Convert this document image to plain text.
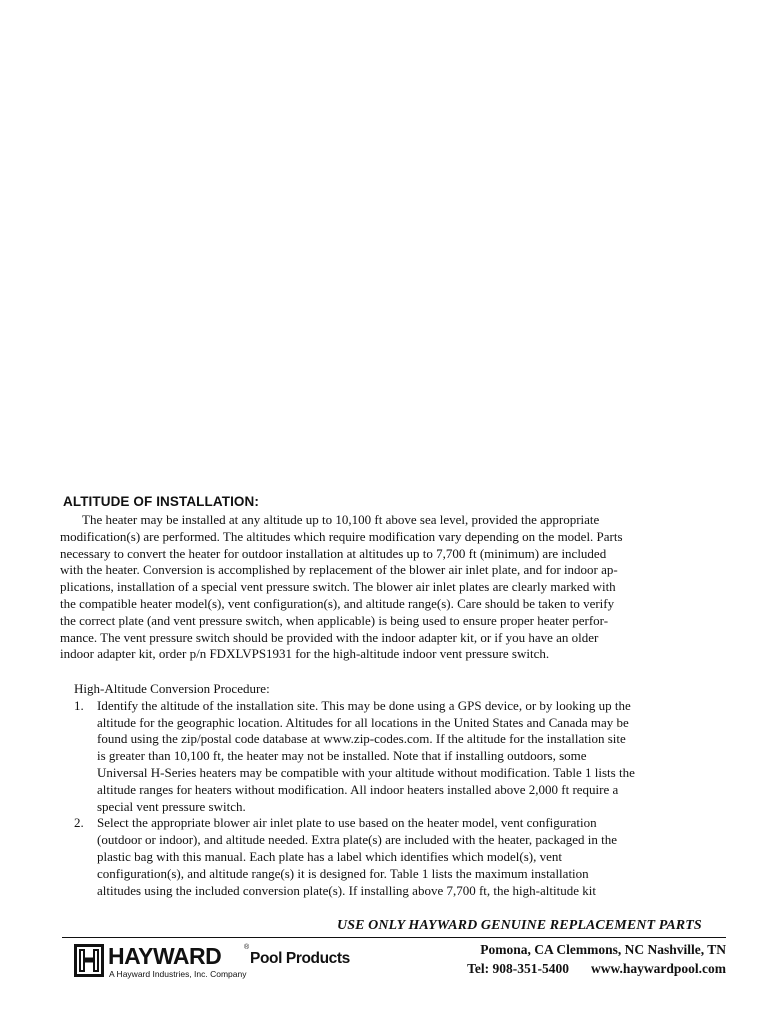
ALTITUDE OF INSTALLATION:
The heater may be installed at any altitude up to 10,100 ft above sea level, provided the appropriate
modification(s) are performed. The altitudes which require modification vary depending on the model. Parts
necessary to convert the heater for outdoor installation at altitudes up to 7,700 ft (minimum) are included
with the heater. Conversion is accomplished by replacement of the blower air inlet plate, and for indoor ap-
plications, installation of a special vent pressure switch. The blower air inlet plates are clearly marked with
the compatible heater model(s), vent configuration(s), and altitude range(s). Care should be taken to verify
the correct plate (and vent pressure switch, when applicable) is being used to ensure proper heater perfor-
mance. The vent pressure switch should be provided with the indoor adapter kit, or if you have an older
indoor adapter kit, order p/n FDXLVPS1931 for the high-altitude indoor vent pressure switch.
High-Altitude Conversion Procedure:
1. Identify the altitude of the installation site. This may be done using a GPS device, or by looking up the
altitude for the geographic location. Altitudes for all locations in the United States and Canada may be
found using the zip/postal code database at www.zip-codes.com. If the altitude for the installation site
is greater than 10,100 ft, the heater may not be installed. Note that if installing outdoors, some
Universal H-Series heaters may be compatible with your altitude without modification. Table 1 lists the
altitude ranges for heaters without modification. All indoor heaters installed above 2,000 ft require a
special vent pressure switch.
2. Select the appropriate blower air inlet plate to use based on the heater model, vent configuration
(outdoor or indoor), and altitude needed. Extra plate(s) are included with the heater, packaged in the
plastic bag with this manual. Each plate has a label which identifies which model(s), vent
configuration(s), and altitude range(s) it is designed for. Table 1 lists the maximum installation
altitudes using the included conversion plate(s). If installing above 7,700 ft, the high-altitude kit
USE ONLY HAYWARD GENUINE REPLACEMENT PARTS
HAYWARD	®
Pool Products
A Hayward Industries, Inc. Company
Pomona, CA Clemmons, NC Nashville, TN
Tel: 908-351-5400 www.haywardpool.com
